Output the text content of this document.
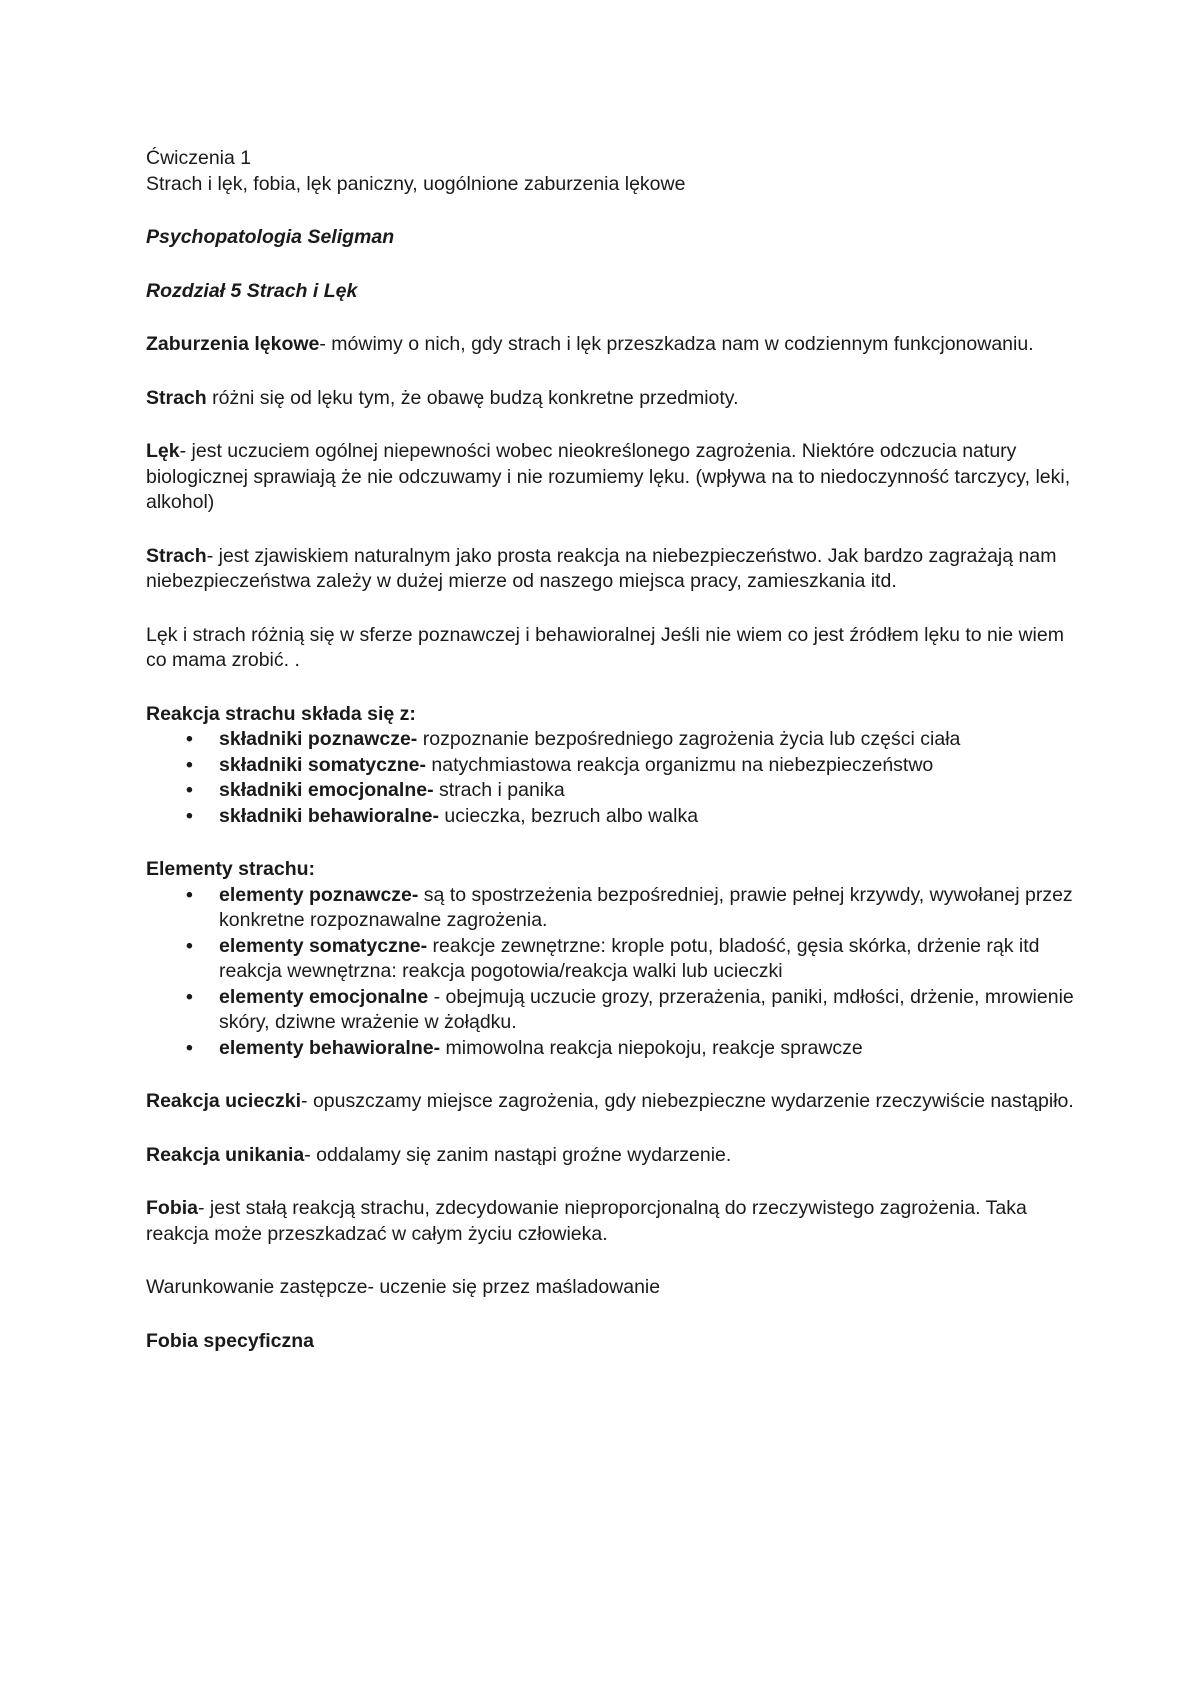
Ćwiczenia 1

Strach i lęk, fobia, lęk paniczny, uogólnione zaburzenia lękowe

Psychopatologia Seligman

Rozdział 5 Strach i Lęk

Zaburzenia lękowe- mówimy o nich, gdy strach i lęk przeszkadza nam w codziennym funkcjonowaniu.

Strach różni się od lęku tym, że obawę budzą konkretne przedmioty.

Lęk- jest uczuciem ogólnej niepewności wobec nieokreślonego zagrożenia. Niektóre odczucia natury biologicznej sprawiają że nie odczuwamy i nie rozumiemy lęku. (wpływa na to niedoczynność tarczycy, leki, alkohol)

Strach- jest zjawiskiem naturalnym jako prosta reakcja na niebezpieczeństwo. Jak bardzo zagrażają nam niebezpieczeństwa zależy w dużej mierze od naszego miejsca pracy, zamieszkania itd.

Lęk i strach różnią się w sferze poznawczej i behawioralnej Jeśli nie wiem co jest źródłem lęku to nie wiem co mama zrobić. .

Reakcja strachu składa się z:

• składniki poznawcze- rozpoznanie bezpośredniego zagrożenia życia lub części ciała
• składniki somatyczne- natychmiastowa reakcja organizmu na niebezpieczeństwo
• składniki emocjonalne- strach i panika
• składniki behawioralne- ucieczka, bezruch albo walka

Elementy strachu:

• elementy poznawcze- są to spostrzeżenia bezpośredniej, prawie pełnej krzywdy, wywołanej przez konkretne rozpoznawalne zagrożenia.
• elementy somatyczne- reakcje zewnętrzne: krople potu, bladość, gęsia skórka, drżenie rąk itd reakcja wewnętrzna: reakcja pogotowia/reakcja walki lub ucieczki
• elementy emocjonalne - obejmują uczucie grozy, przerażenia, paniki, mdłości, drżenie, mrowienie skóry, dziwne wrażenie w żołądku.
• elementy behawioralne- mimowolna reakcja niepokoju, reakcje sprawcze

Reakcja ucieczki- opuszczamy miejsce zagrożenia, gdy niebezpieczne wydarzenie rzeczywiście nastąpiło.

Reakcja unikania- oddalamy się zanim nastąpi groźne wydarzenie.

Fobia- jest stałą reakcją strachu, zdecydowanie nieproporcjonalną do rzeczywistego zagrożenia. Taka reakcja może przeszkadzać w całym życiu człowieka.

Warunkowanie zastępcze- uczenie się przez maśladowanie

Fobia specyficzna
